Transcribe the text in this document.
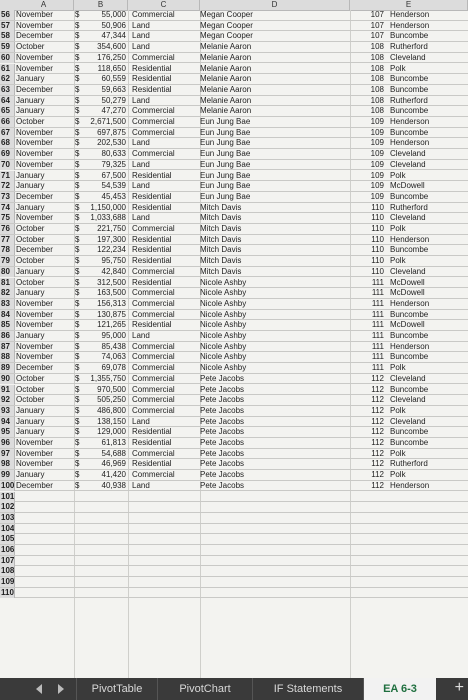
A	B	C	D	E
56 November	$	55,000 Commercial	Megan Cooper	107 Henderson
57 November	$	50,906 Land	Megan Cooper	107 Henderson
58 December	$	47,344 Land	Megan Cooper	107 Buncombe
59 October	$	354,600 Land	Melanie Aaron	108 Rutherford
60 November	$	176,250 Commercial	Melanie Aaron	108 Cleveland
61 November	$	118,650 Residential	Melanie Aaron	108 Polk
62 January	$	60,559 Residential	Melanie Aaron	108 Buncombe
63 December	$	59,663 Residential	Melanie Aaron	108 Buncombe
64 January	$	50,279 Land	Melanie Aaron	108 Rutherford
65 January	$	47,270 Commercial	Melanie Aaron	108 Buncombe
66 October	$	2,671,500 Commercial	Eun Jung Bae	109 Henderson
67 November	$	697,875 Commercial	Eun Jung Bae	109 Buncombe
68 November	$	202,530 Land	Eun Jung Bae	109 Henderson
69 November	$	80,633 Commercial	Eun Jung Bae	109 Cleveland
70 November	$	79,325 Land	Eun Jung Bae	109 Cleveland
71 January	$	67,500 Residential	Eun Jung Bae	109 Polk
72 January	$	54,539 Land	Eun Jung Bae	109 McDowell
73 December	$	45,453 Residential	Eun Jung Bae	109 Buncombe
74 January	$	1,150,000 Residential	Mitch Davis	110 Rutherford
75 November	$	1,033,688 Land	Mitch Davis	110 Cleveland
76 October	$	221,750 Commercial	Mitch Davis	110 Polk
77 October	$	197,300 Residential	Mitch Davis	110 Henderson
78 December	$	122,234 Residential	Mitch Davis	110 Buncombe
79 October	$	95,750 Residential	Mitch Davis	110 Polk
80 January	$	42,840 Commercial	Mitch Davis	110 Cleveland
81 October	$	312,500 Residential	Nicole Ashby	111 McDowell
82 January	$	163,500 Commercial	Nicole Ashby	111 McDowell
83 November	$	156,313 Commercial	Nicole Ashby	111 Henderson
84 November	$	130,875 Commercial	Nicole Ashby	111 Buncombe
85 November	$	121,265 Residential	Nicole Ashby	111 McDowell
86 January	$	95,000 Land	Nicole Ashby	111 Buncombe
87 November	$	85,438 Commercial	Nicole Ashby	111 Henderson
88 November	$	74,063 Commercial	Nicole Ashby	111 Buncombe
89 December	$	69,078 Commercial	Nicole Ashby	111 Polk
90 October	$	1,355,750 Commercial	Pete Jacobs	112 Cleveland
91 October	$	970,500 Commercial	Pete Jacobs	112 Buncombe
92 October	$	505,250 Commercial	Pete Jacobs	112 Cleveland
93 January	$	486,800 Commercial	Pete Jacobs	112 Polk
94 January	$	138,150 Land	Pete Jacobs	112 Cleveland
95 January	$	129,000 Residential	Pete Jacobs	112 Buncombe
96 November	$	61,813 Residential	Pete Jacobs	112 Buncombe
97 November	$	54,688 Commercial	Pete Jacobs	112 Polk
98 November	$	46,969 Residential	Pete Jacobs	112 Rutherford
99 January	$	41,420 Commercial	Pete Jacobs	112 Polk
100 December	$	40,938 Land	Pete Jacobs	112 Henderson
101
102
103
104
105
106
107
108
109
110
PivotTable	PivotChart	IF Statements	EA 6-3	+
